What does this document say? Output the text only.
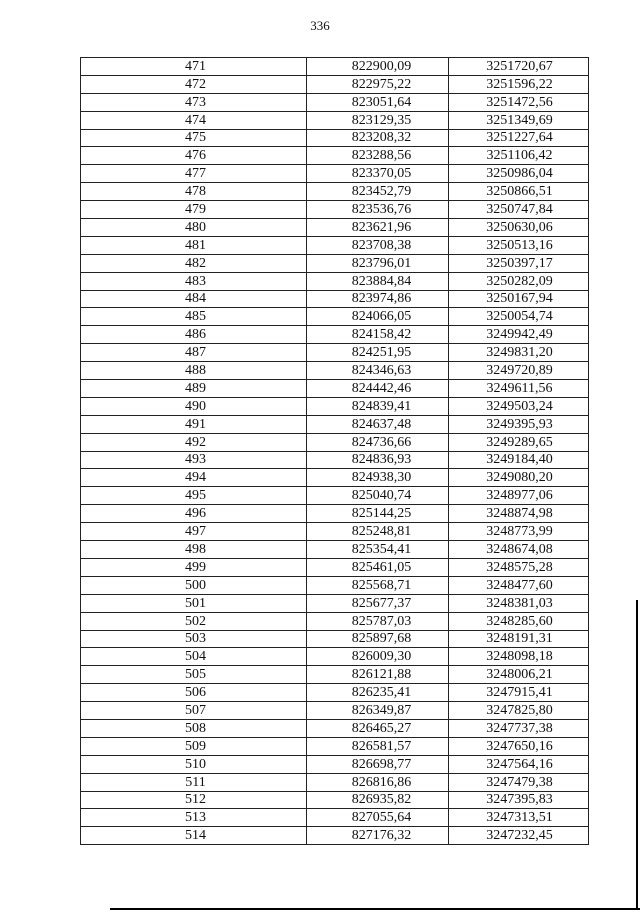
336
471	822900,09	3251720,67
472	822975,22	3251596,22
473	823051,64	3251472,56
474	823129,35	3251349,69
475	823208,32	3251227,64
476	823288,56	3251106,42
477	823370,05	3250986,04
478	823452,79	3250866,51
479	823536,76	3250747,84
480	823621,96	3250630,06
481	823708,38	3250513,16
482	823796,01	3250397,17
483	823884,84	3250282,09
484	823974,86	3250167,94
485	824066,05	3250054,74
486	824158,42	3249942,49
487	824251,95	3249831,20
488	824346,63	3249720,89
489	824442,46	3249611,56
490	824839,41	3249503,24
491	824637,48	3249395,93
492	824736,66	3249289,65
493	824836,93	3249184,40
494	824938,30	3249080,20
495	825040,74	3248977,06
496	825144,25	3248874,98
497	825248,81	3248773,99
498	825354,41	3248674,08
499	825461,05	3248575,28
500	825568,71	3248477,60
501	825677,37	3248381,03
502	825787,03	3248285,60
503	825897,68	3248191,31
504	826009,30	3248098,18
505	826121,88	3248006,21
506	826235,41	3247915,41
507	826349,87	3247825,80
508	826465,27	3247737,38
509	826581,57	3247650,16
510	826698,77	3247564,16
511	826816,86	3247479,38
512	826935,82	3247395,83
513	827055,64	3247313,51
514	827176,32	3247232,45
